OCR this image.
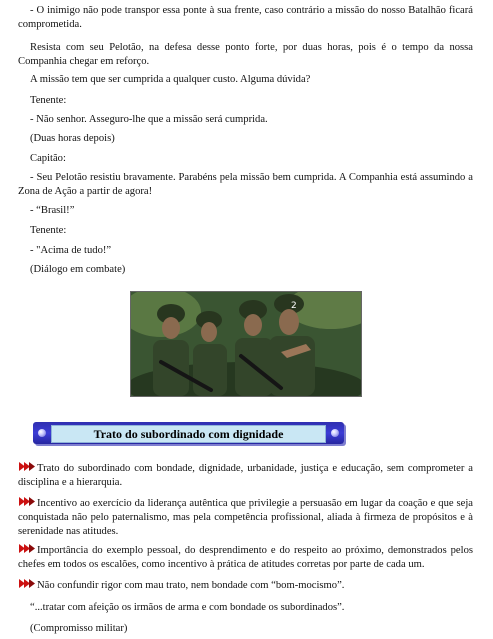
- O inimigo não pode transpor essa ponte à sua frente, caso contrário a missão do nosso Batalhão ficará comprometida.

Resista com seu Pelotão, na defesa desse ponto forte, por duas horas, pois é o tempo da nossa Companhia chegar em reforço.

A missão tem que ser cumprida a qualquer custo. Alguma dúvida?

Tenente:

- Não senhor. Asseguro-lhe que a missão será cumprida.

(Duas horas depois)

Capitão:

- Seu Pelotão resistiu bravamente. Parabéns pela missão bem cumprida. A Companhia está assumindo a Zona de Ação a partir de agora!

- “Brasil!”

Tenente:

- "Acima de tudo!”

(Diálogo em combate)

2
Trato do subordinado com dignidade

Trato do subordinado com bondade, dignidade, urbanidade, justiça e educação, sem comprometer a disciplina e a hierarquia.

Incentivo ao exercício da liderança autêntica que privilegie a persuasão em lugar da coação e que seja conquistada não pelo paternalismo, mas pela competência profissional, aliada à firmeza de propósitos e à serenidade nas atitudes.

Importância do exemplo pessoal, do desprendimento e do respeito ao próximo, demonstrados pelos chefes em todos os escalões, como incentivo à prática de atitudes corretas por parte de cada um.

Não confundir rigor com mau trato, nem bondade com “bom-mocismo”.

“...tratar com afeição os irmãos de arma e com bondade os subordinados”.

(Compromisso militar)
